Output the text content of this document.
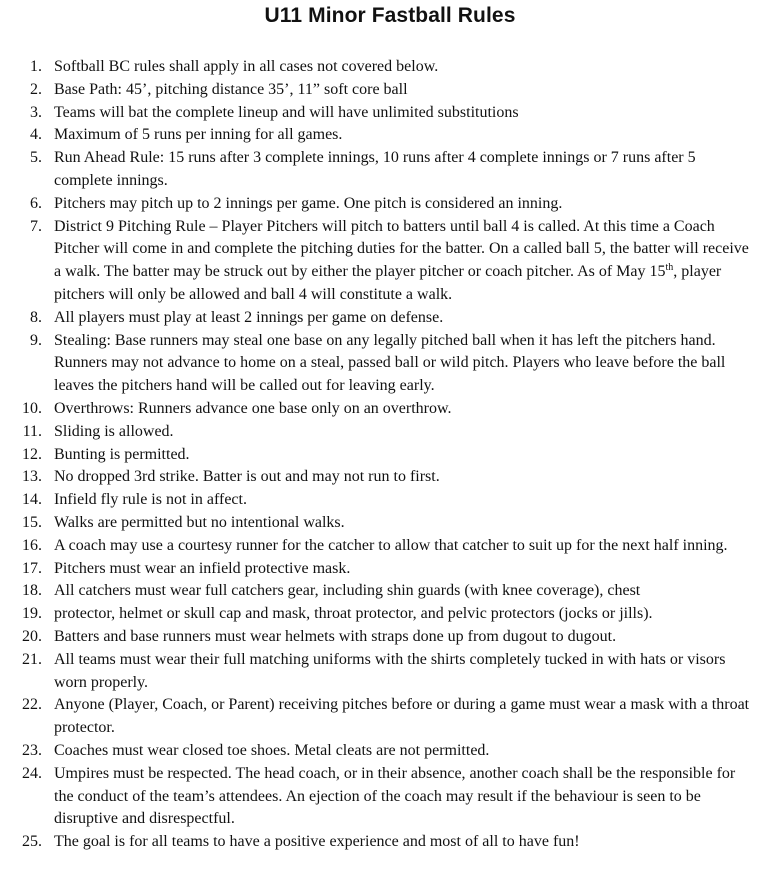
U11 Minor Fastball Rules
1. Softball BC rules shall apply in all cases not covered below.
2. Base Path: 45’, pitching distance 35’, 11” soft core ball
3. Teams will bat the complete lineup and will have unlimited substitutions
4. Maximum of 5 runs per inning for all games.
5. Run Ahead Rule: 15 runs after 3 complete innings, 10 runs after 4 complete innings or 7 runs after 5 complete innings.
6. Pitchers may pitch up to 2 innings per game. One pitch is considered an inning.
7. District 9 Pitching Rule – Player Pitchers will pitch to batters until ball 4 is called. At this time a Coach Pitcher will come in and complete the pitching duties for the batter. On a called ball 5, the batter will receive a walk. The batter may be struck out by either the player pitcher or coach pitcher. As of May 15th, player pitchers will only be allowed and ball 4 will constitute a walk.
8. All players must play at least 2 innings per game on defense.
9. Stealing: Base runners may steal one base on any legally pitched ball when it has left the pitchers hand. Runners may not advance to home on a steal, passed ball or wild pitch. Players who leave before the ball leaves the pitchers hand will be called out for leaving early.
10. Overthrows: Runners advance one base only on an overthrow.
11. Sliding is allowed.
12. Bunting is permitted.
13. No dropped 3rd strike. Batter is out and may not run to first.
14. Infield fly rule is not in affect.
15. Walks are permitted but no intentional walks.
16. A coach may use a courtesy runner for the catcher to allow that catcher to suit up for the next half inning.
17. Pitchers must wear an infield protective mask.
18. All catchers must wear full catchers gear, including shin guards (with knee coverage), chest
19. protector, helmet or skull cap and mask, throat protector, and pelvic protectors (jocks or jills).
20. Batters and base runners must wear helmets with straps done up from dugout to dugout.
21. All teams must wear their full matching uniforms with the shirts completely tucked in with hats or visors worn properly.
22. Anyone (Player, Coach, or Parent) receiving pitches before or during a game must wear a mask with a throat protector.
23. Coaches must wear closed toe shoes. Metal cleats are not permitted.
24. Umpires must be respected. The head coach, or in their absence, another coach shall be the responsible for the conduct of the team’s attendees. An ejection of the coach may result if the behaviour is seen to be disruptive and disrespectful.
25. The goal is for all teams to have a positive experience and most of all to have fun!
